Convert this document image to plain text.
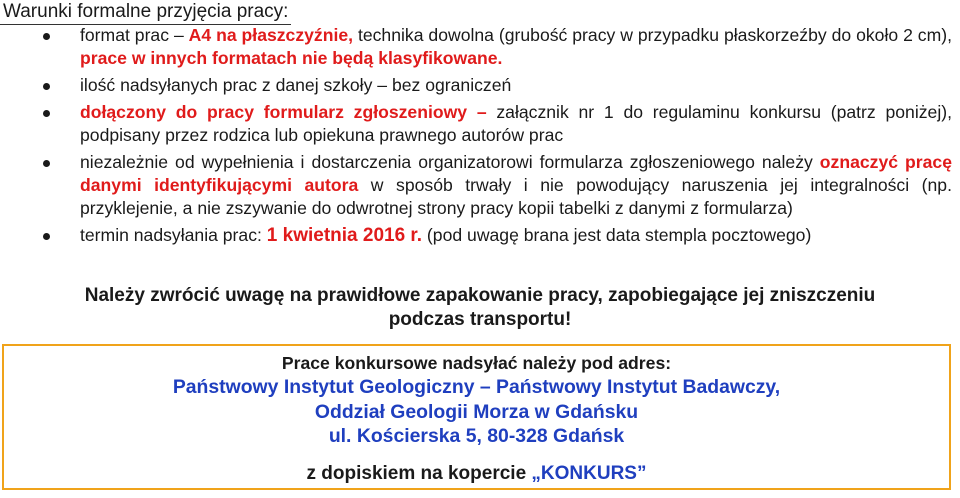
Warunki formalne przyjęcia pracy:
format prac – A4 na płaszczyźnie, technika dowolna (grubość pracy w przypadku płaskorzeźby do około 2 cm), prace w innych formatach nie będą klasyfikowane.
ilość nadsyłanych prac z danej szkoły – bez ograniczeń
dołączony do pracy formularz zgłoszeniowy – załącznik nr 1 do regulaminu konkursu (patrz poniżej), podpisany przez rodzica lub opiekuna prawnego autorów prac
niezależnie od wypełnienia i dostarczenia organizatorowi formularza zgłoszeniowego należy oznaczyć pracę danymi identyfikującymi autora w sposób trwały i nie powodujący naruszenia jej integralności (np. przyklejenie, a nie zszywanie do odwrotnej strony pracy kopii tabelki z danymi z formularza)
termin nadsyłania prac: 1 kwietnia 2016 r. (pod uwagę brana jest data stempla pocztowego)
Należy zwrócić uwagę na prawidłowe zapakowanie pracy, zapobiegające jej zniszczeniu
podczas transportu!
Prace konkursowe nadsyłać należy pod adres:
Państwowy Instytut Geologiczny – Państwowy Instytut Badawczy,
Oddział Geologii Morza w Gdańsku
ul. Kościerska 5, 80-328 Gdańsk
z dopiskiem na kopercie „KONKURS”
